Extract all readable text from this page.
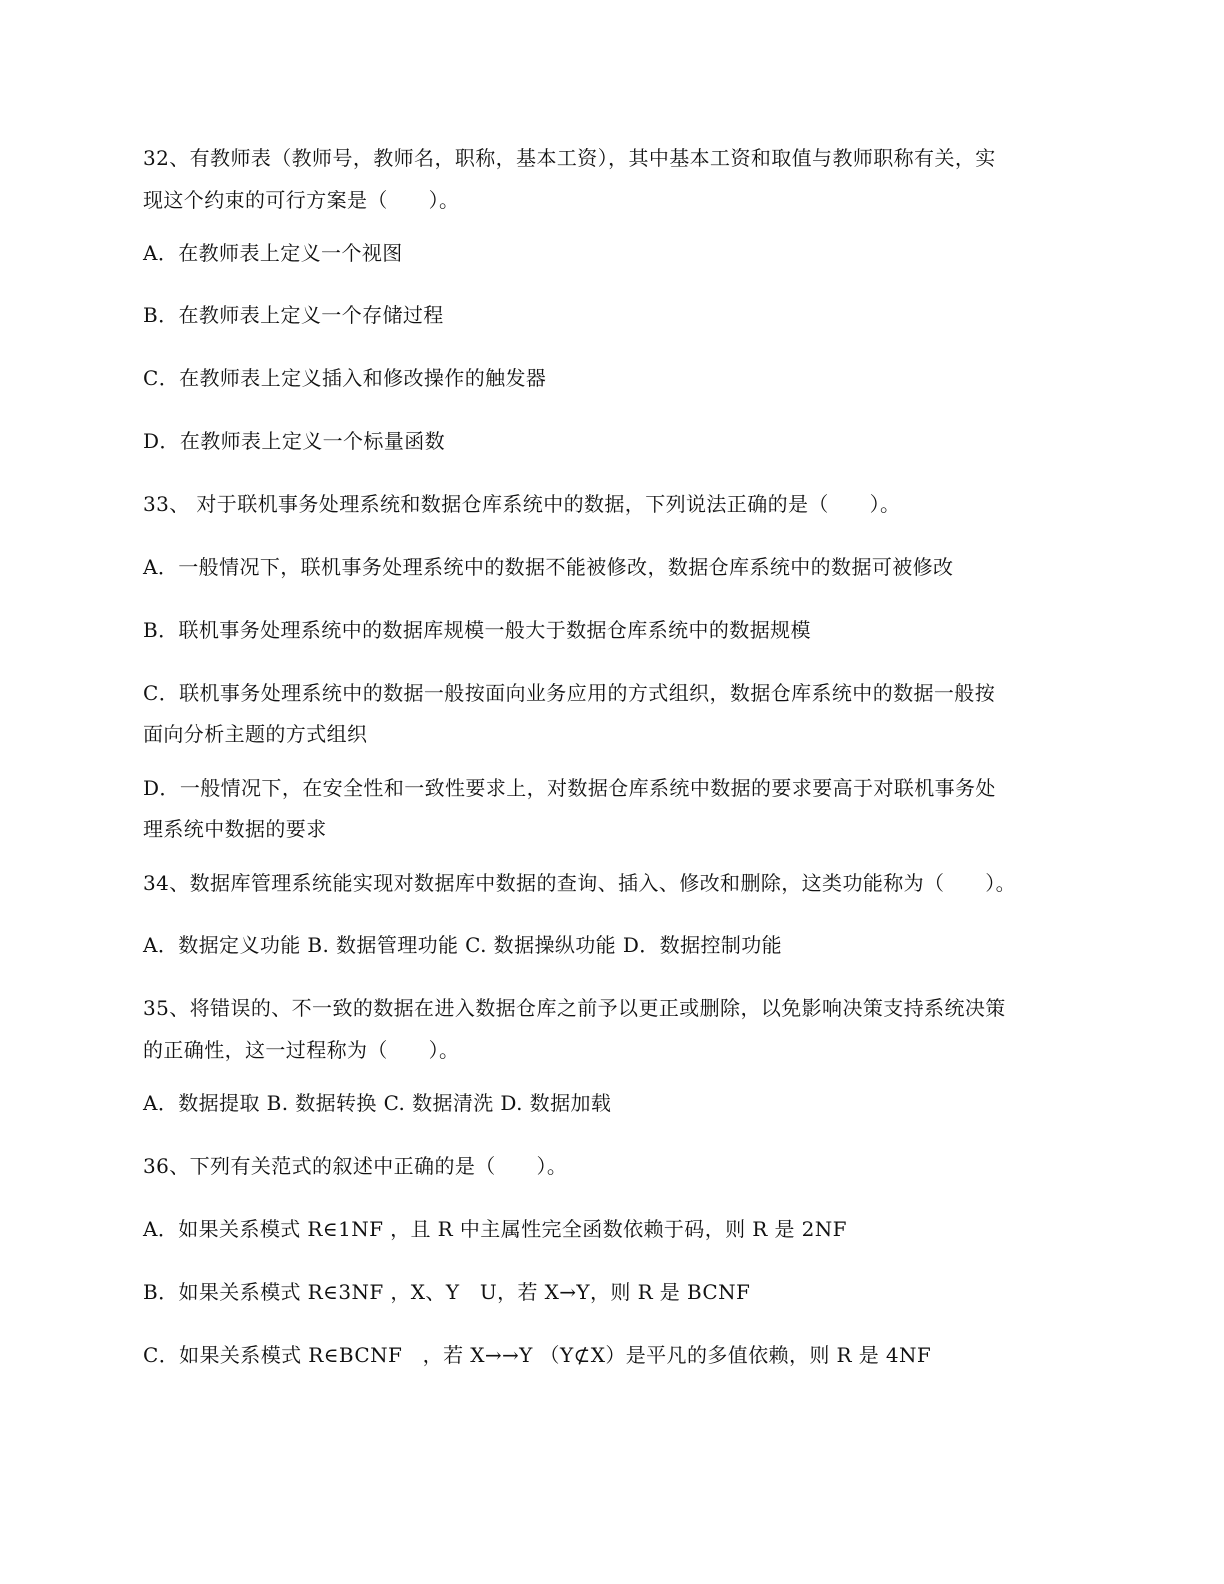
32、有教师表（教师号，教师名，职称，基本工资），其中基本工资和取值与教师职称有关，实
现这个约束的可行方案是（　　）。
A．在教师表上定义一个视图
B．在教师表上定义一个存储过程
C．在教师表上定义插入和修改操作的触发器
D．在教师表上定义一个标量函数
33、 对于联机事务处理系统和数据仓库系统中的数据，下列说法正确的是（　　）。
A．一般情况下，联机事务处理系统中的数据不能被修改，数据仓库系统中的数据可被修改
B．联机事务处理系统中的数据库规模一般大于数据仓库系统中的数据规模
C．联机事务处理系统中的数据一般按面向业务应用的方式组织，数据仓库系统中的数据一般按
面向分析主题的方式组织
D．一般情况下，在安全性和一致性要求上，对数据仓库系统中数据的要求要高于对联机事务处
理系统中数据的要求
34、数据库管理系统能实现对数据库中数据的查询、插入、修改和删除，这类功能称为（　　）。
A．数据定义功能 B. 数据管理功能 C. 数据操纵功能 D．数据控制功能
35、将错误的、不一致的数据在进入数据仓库之前予以更正或删除，以免影响决策支持系统决策
的正确性，这一过程称为（　　）。
A．数据提取 B. 数据转换 C. 数据清洗 D. 数据加载
36、下列有关范式的叙述中正确的是（　　）。
A．如果关系模式 R∈1NF ，且 R 中主属性完全函数依赖于码，则 R 是 2NF
B．如果关系模式 R∈3NF ，X、Y　U，若 X→Y，则 R 是 BCNF
C．如果关系模式 R∈BCNF　，若 X→→Y （Y⊄X）是平凡的多值依赖，则 R 是 4NF
